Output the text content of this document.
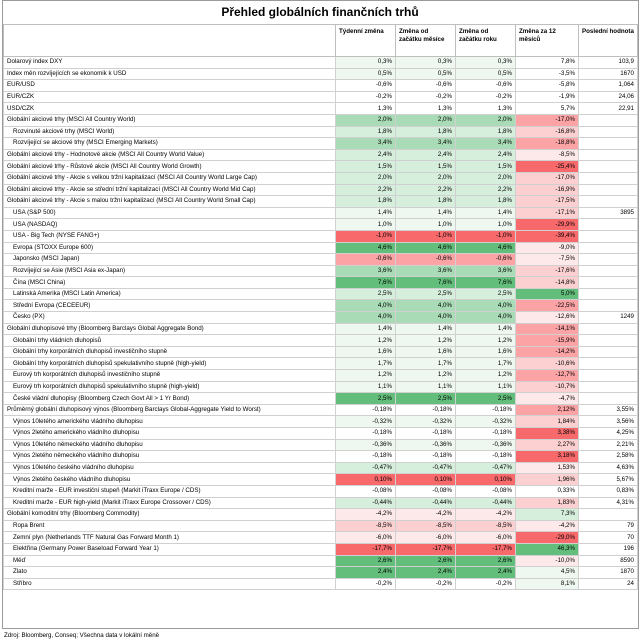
Přehled globálních finančních trhů
	Týdenní změna	Změna od začátku měsíce	Změna od začátku roku	Změna za 12 měsíců	Poslední hodnota
Dolarový index DXY	0,3%	0,3%	0,3%	7,8%	103,9
Index měn rozvíjejících se ekonomik k USD	0,5%	0,5%	0,5%	-3,5%	1670
EUR/USD	-0,6%	-0,6%	-0,6%	-5,8%	1,064
EUR/CZK	-0,2%	-0,2%	-0,2%	-1,9%	24,06
USD/CZK	1,3%	1,3%	1,3%	5,7%	22,91
Globální akciové trhy (MSCI All Country World)	2,0%	2,0%	2,0%	-17,0%	
Rozvinuté akciové trhy (MSCI World)	1,8%	1,8%	1,8%	-16,8%	
Rozvíjející se akciové trhy (MSCI Emerging Markets)	3,4%	3,4%	3,4%	-18,8%	
Globální akciové trhy - Hodnotové akcie (MSCI All Country World Value)	2,4%	2,4%	2,4%	-8,5%	
Globální akciové trhy - Růstové akcie (MSCI All Country World Growth)	1,5%	1,5%	1,5%	-25,4%	
Globální akciové trhy - Akcie s velkou tržní kapitalizací (MSCI All Country World Large Cap)	2,0%	2,0%	2,0%	-17,0%	
Globální akciové trhy - Akcie se střední tržní kapitalizací (MSCI All Country World Mid Cap)	2,2%	2,2%	2,2%	-16,9%	
Globální akciové trhy - Akcie s malou tržní kapitalizací (MSCI All Country World Small Cap)	1,8%	1,8%	1,8%	-17,5%	
USA (S&P 500)	1,4%	1,4%	1,4%	-17,1%	3895
USA (NASDAQ)	1,0%	1,0%	1,0%	-29,9%	
USA - Big Tech (NYSE FANG+)	-1,0%	-1,0%	-1,0%	-39,4%	
Evropa (STOXX Europe 600)	4,6%	4,6%	4,6%	-9,0%	
Japonsko (MSCI Japan)	-0,6%	-0,6%	-0,6%	-7,5%	
Rozvíjející se Asie (MSCI Asia ex-Japan)	3,6%	3,6%	3,6%	-17,6%	
Čína (MSCI China)	7,6%	7,6%	7,6%	-14,8%	
Latinská Amerika (MSCI Latin America)	2,5%	2,5%	2,5%	5,0%	
Střední Evropa (CECEEUR)	4,0%	4,0%	4,0%	-22,5%	
Česko (PX)	4,0%	4,0%	4,0%	-12,6%	1249
Globální dluhopisové trhy (Bloomberg Barclays Global Aggregate Bond)	1,4%	1,4%	1,4%	-14,1%	
Globální trhy vládních dluhopisů	1,2%	1,2%	1,2%	-15,9%	
Globální trhy korporátních dluhopisů investičního stupně	1,6%	1,6%	1,6%	-14,2%	
Globální trhy korporátních dluhopisů spekulativního stupně (high-yield)	1,7%	1,7%	1,7%	-10,6%	
Eurový trh korporátních dluhopisů investičního stupně	1,2%	1,2%	1,2%	-12,7%	
Eurový trh korporátních dluhopisů spekulativního stupně (high-yield)	1,1%	1,1%	1,1%	-10,7%	
České vládní dluhopisy (Bloomberg Czech Govt All > 1 Yr Bond)	2,5%	2,5%	2,5%	-4,7%	
Průměrný globální dluhopisový výnos (Bloomberg Barclays Global-Aggregate Yield to Worst)	-0,18%	-0,18%	-0,18%	2,12%	3,55%
Výnos 10letého amerického vládního dluhopisu	-0,32%	-0,32%	-0,32%	1,84%	3,56%
Výnos 2letého amerického vládního dluhopisu	-0,18%	-0,18%	-0,18%	3,38%	4,25%
Výnos 10letého německého vládního dluhopisu	-0,36%	-0,36%	-0,36%	2,27%	2,21%
Výnos 2letého německého vládního dluhopisu	-0,18%	-0,18%	-0,18%	3,18%	2,58%
Výnos 10letého českého vládního dluhopisu	-0,47%	-0,47%	-0,47%	1,53%	4,63%
Výnos 2letého českého vládního dluhopisu	0,10%	0,10%	0,10%	1,96%	5,67%
Kreditní marže - EUR investiční stupeň (Markit iTraxx Europe / CDS)	-0,08%	-0,08%	-0,08%	0,33%	0,83%
Kreditní marže - EUR high-yield (Markit iTraxx Europe Crossover / CDS)	-0,44%	-0,44%	-0,44%	1,83%	4,31%
Globální komoditní trhy (Bloomberg Commodity)	-4,2%	-4,2%	-4,2%	7,3%	
Ropa Brent	-8,5%	-8,5%	-8,5%	-4,2%	79
Zemní plyn (Netherlands TTF Natural Gas Forward Month 1)	-6,0%	-6,0%	-6,0%	-29,0%	70
Elektřina (Germany Power Baseload Forward Year 1)	-17,7%	-17,7%	-17,7%	46,3%	196
Měď	2,6%	2,6%	2,6%	-10,0%	8590
Zlato	2,4%	2,4%	2,4%	4,5%	1870
Stříbro	-0,2%	-0,2%	-0,2%	8,1%	24
Zdroj: Bloomberg, Conseq; Všechna data v lokální měně
